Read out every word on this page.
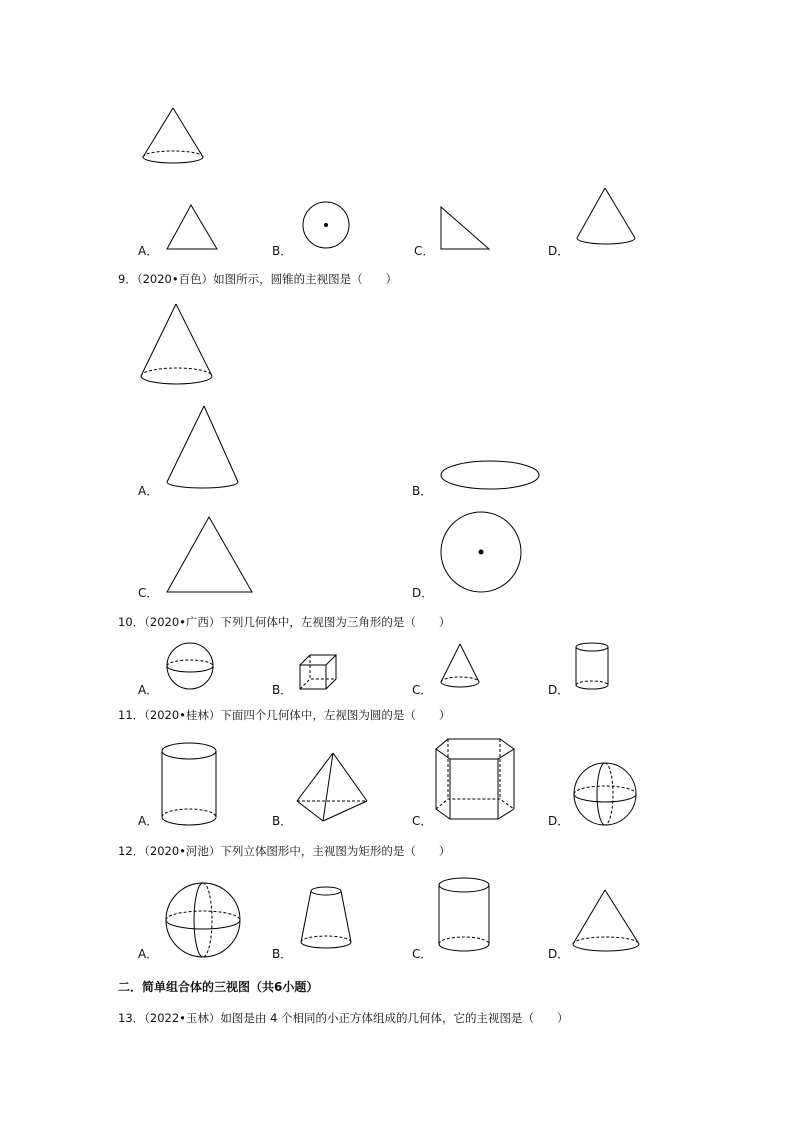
A．	B．	C．	D．
9．（2020•百色）如图所示，圆锥的主视图是（　　）
A．	B．
C．	D．
10．（2020•广西）下列几何体中，左视图为三角形的是（　　）
A．	B．	C．	D．
11．（2020•桂林）下面四个几何体中，左视图为圆的是（　　）
A．	B．	C．	D．
12．（2020•河池）下列立体图形中，主视图为矩形的是（　　）
A．	B．	C．	D．
二．简单组合体的三视图（共6小题）
13．（2022•玉林）如图是由 4 个相同的小正方体组成的几何体，它的主视图是（　　）
